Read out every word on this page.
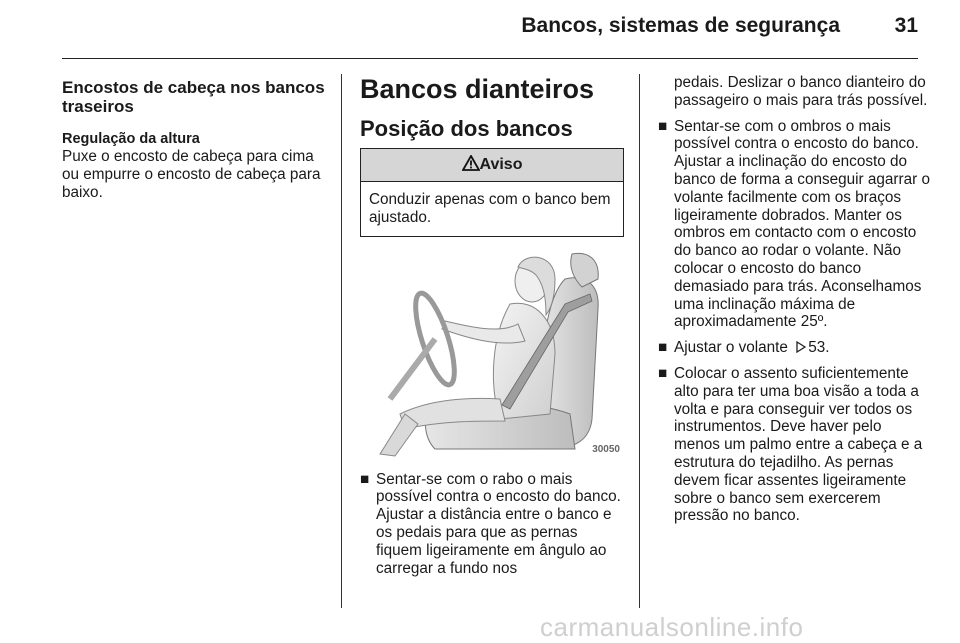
Bancos, sistemas de segurança	31
Encostos de cabeça nos bancos traseiros
Regulação da altura

Puxe o encosto de cabeça para cima ou empurre o encosto de cabeça para baixo.

Bancos dianteiros
Posição dos bancos
Aviso
Conduzir apenas com o banco bem ajustado.
30050
■ Sentar-se com o rabo o mais possível contra o encosto do banco. Ajustar a distância entre o banco e os pedais para que as pernas fiquem ligeiramente em ângulo ao carregar a fundo nos
pedais. Deslizar o banco dianteiro do passageiro o mais para trás possível.
■ Sentar-se com o ombros o mais possível contra o encosto do banco. Ajustar a inclinação do encosto do banco de forma a conseguir agarrar o volante facilmente com os braços ligeiramente dobrados. Manter os ombros em contacto com o encosto do banco ao rodar o volante. Não colocar o encosto do banco demasiado para trás. Aconselhamos uma inclinação máxima de aproximadamente 25º.
■ Ajustar o volante 53.
■ Colocar o assento suficientemente alto para ter uma boa visão a toda a volta e para conseguir ver todos os instrumentos. Deve haver pelo menos um palmo entre a cabeça e a estrutura do tejadilho. As pernas devem ficar assentes ligeiramente sobre o banco sem exercerem pressão no banco.
carmanualsonline.info
